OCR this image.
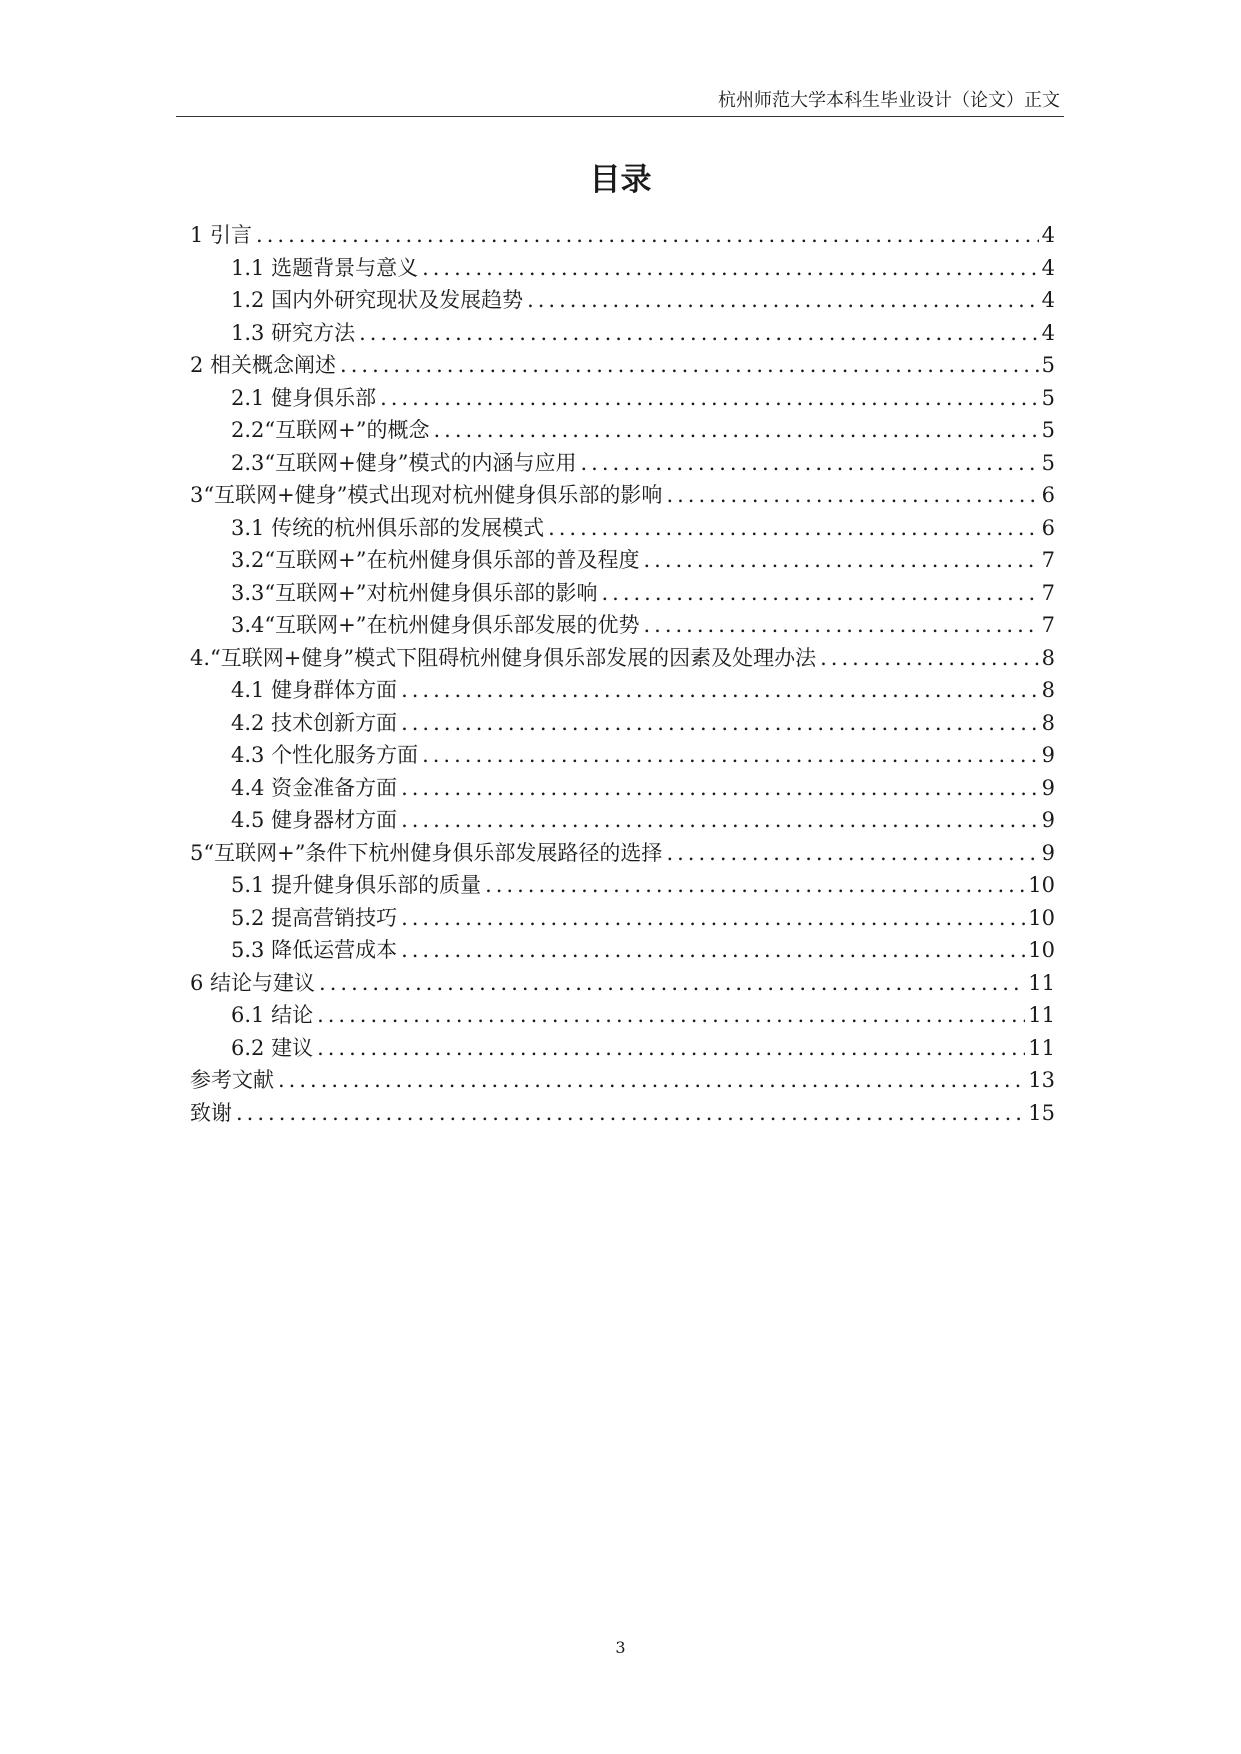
杭州师范大学本科生毕业设计（论文）正文
目录
1 引言 .....	4
1.1 选题背景与意义 .....	4
1.2 国内外研究现状及发展趋势 .....	4
1.3 研究方法 .....	4
2 相关概念阐述 .....	5
2.1 健身俱乐部 .....	5
2.2“互联网+”的概念 .....	5
2.3“互联网+健身”模式的内涵与应用 .....	5
3“互联网+健身”模式出现对杭州健身俱乐部的影响 .....	6
3.1 传统的杭州俱乐部的发展模式 .....	6
3.2“互联网+”在杭州健身俱乐部的普及程度 .....	7
3.3“互联网+”对杭州健身俱乐部的影响 .....	7
3.4“互联网+”在杭州健身俱乐部发展的优势 .....	7
4.“互联网+健身”模式下阻碍杭州健身俱乐部发展的因素及处理办法 .....	8
4.1 健身群体方面 .....	8
4.2 技术创新方面 .....	8
4.3 个性化服务方面 .....	9
4.4 资金准备方面 .....	9
4.5 健身器材方面 .....	9
5“互联网+”条件下杭州健身俱乐部发展路径的选择 .....	9
5.1 提升健身俱乐部的质量 .....	10
5.2 提高营销技巧 .....	10
5.3 降低运营成本 .....	10
6 结论与建议 .....	11
6.1 结论 .....	11
6.2 建议 .....	11
参考文献 .....	13
致谢 .....	15
3
